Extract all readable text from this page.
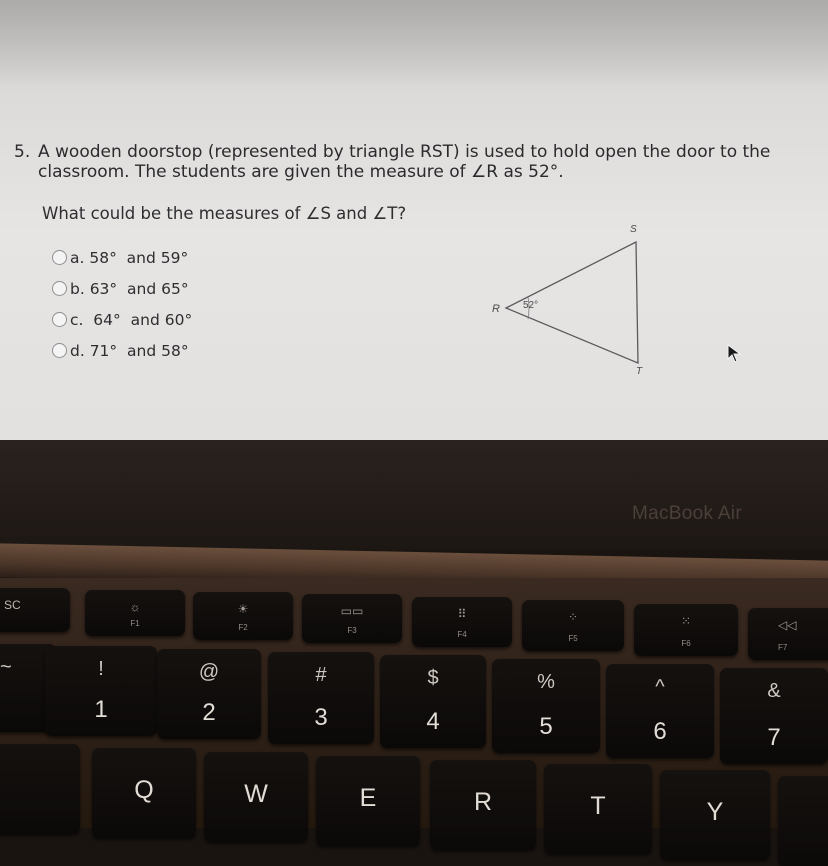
5. A wooden doorstop (represented by triangle RST) is used to hold open the door to the classroom. The students are given the measure of ∠R as 52°.
What could be the measures of ∠S and ∠T?
a. 58°  and 59°
b. 63°  and 65°
c.  64°  and 60°
d. 71°  and 58°
S
R
T
52°
MacBook Air
SC	☼
F1
☀
F2
▭▭
F3
⠿
F4
⁘
F5
⁙
F6
◁◁
F7
~	!
1
@
2
#
3
$
4
%
5
^
6
&
7
Q	W	E	R	T	Y
